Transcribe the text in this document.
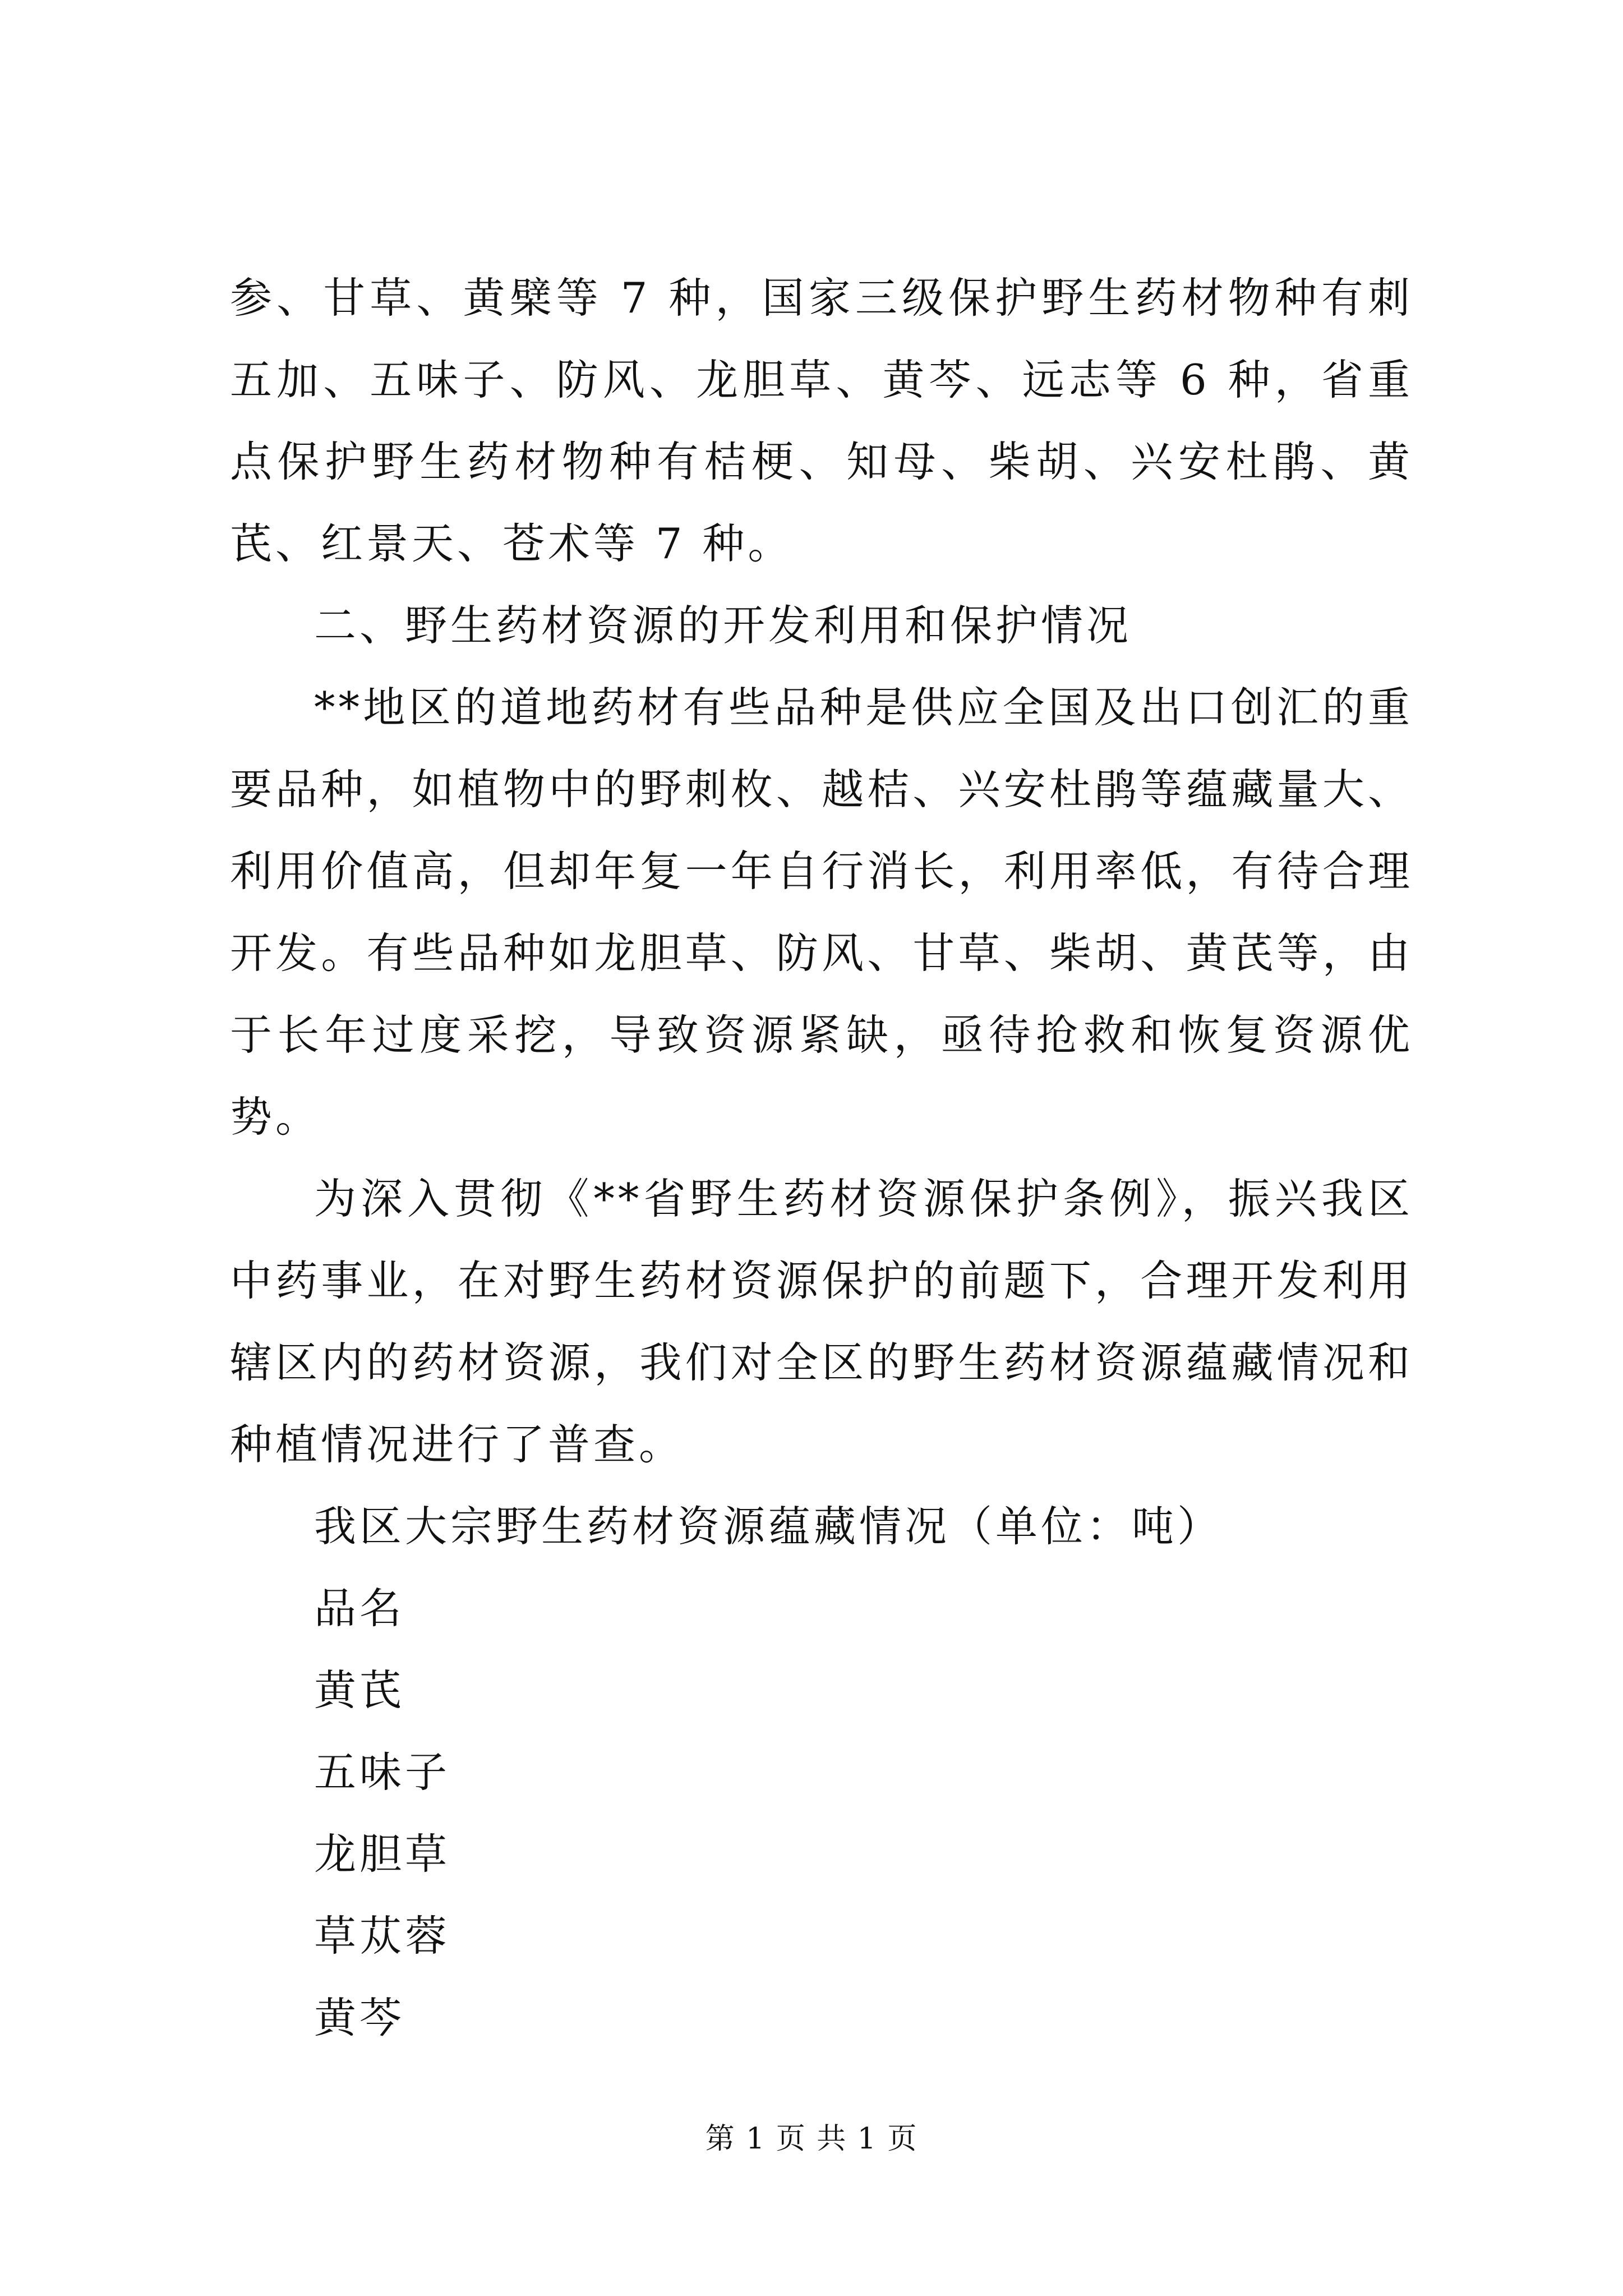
参、甘草、黄檗等 7 种，国家三级保护野生药材物种有刺五加、五味子、防风、龙胆草、黄芩、远志等 6 种，省重点保护野生药材物种有桔梗、知母、柴胡、兴安杜鹃、黄芪、红景天、苍术等 7 种。

二、野生药材资源的开发利用和保护情况

**地区的道地药材有些品种是供应全国及出口创汇的重要品种，如植物中的野刺枚、越桔、兴安杜鹃等蕴藏量大、利用价值高，但却年复一年自行消长，利用率低，有待合理开发。有些品种如龙胆草、防风、甘草、柴胡、黄芪等，由于长年过度采挖，导致资源紧缺，亟待抢救和恢复资源优势。

为深入贯彻《**省野生药材资源保护条例》，振兴我区中药事业，在对野生药材资源保护的前题下，合理开发利用辖区内的药材资源，我们对全区的野生药材资源蕴藏情况和种植情况进行了普查。

我区大宗野生药材资源蕴藏情况（单位：吨）

品名

黄芪

五味子

龙胆草

草苁蓉

黄芩

第 1 页 共 1 页
